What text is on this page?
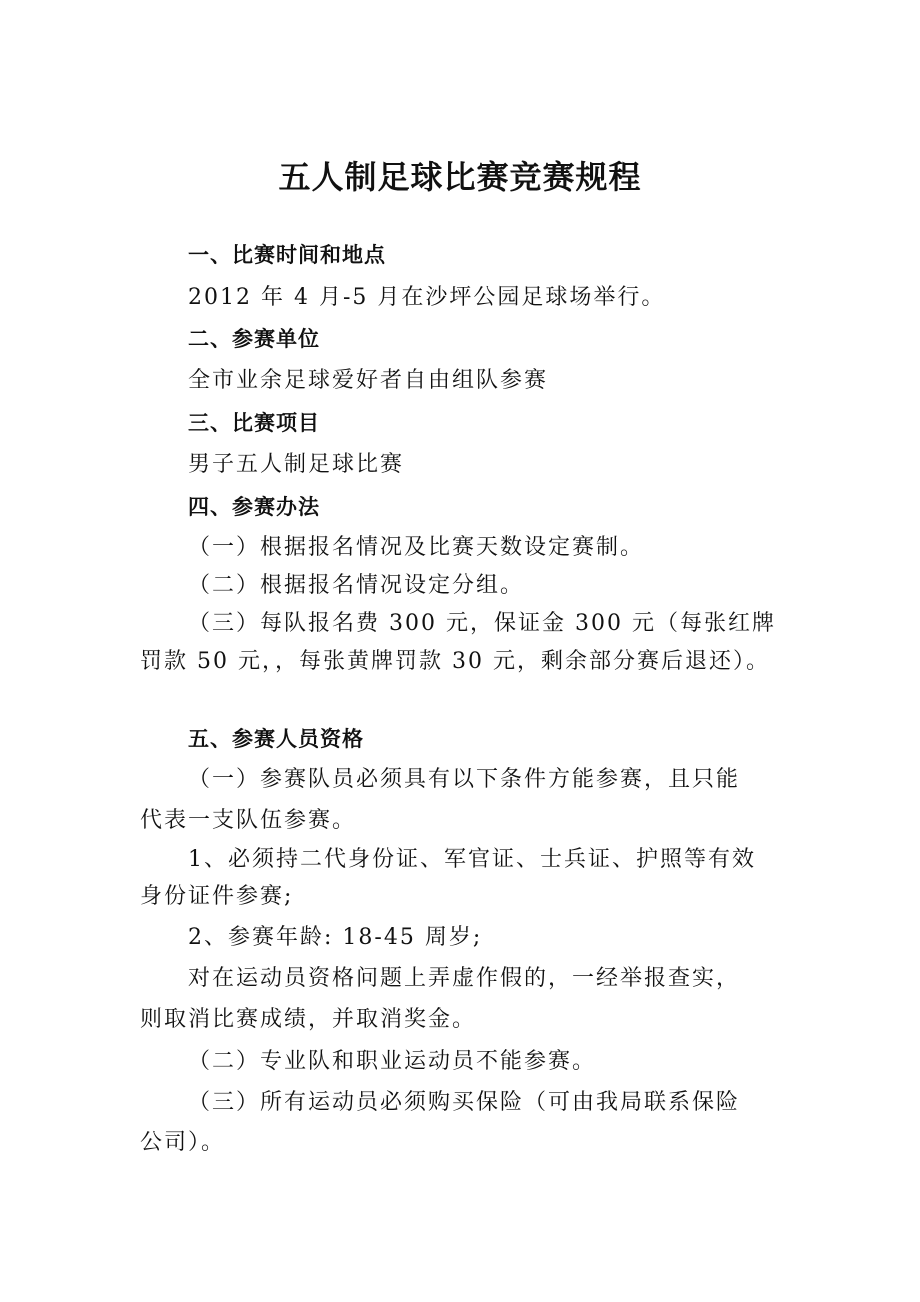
五人制足球比赛竞赛规程
一、比赛时间和地点
2012 年 4 月-5 月在沙坪公园足球场举行。
二、参赛单位
全市业余足球爱好者自由组队参赛
三、比赛项目
男子五人制足球比赛
四、参赛办法
（一）根据报名情况及比赛天数设定赛制。
（二）根据报名情况设定分组。
（三）每队报名费 300 元，保证金 300 元（每张红牌
罚款 50 元，，每张黄牌罚款 30 元，剩余部分赛后退还）。
五、参赛人员资格
（一）参赛队员必须具有以下条件方能参赛，且只能
代表一支队伍参赛。
1、必须持二代身份证、军官证、士兵证、护照等有效
身份证件参赛;
2、参赛年龄: 18-45 周岁;
对在运动员资格问题上弄虚作假的，一经举报查实，
则取消比赛成绩，并取消奖金。
（二）专业队和职业运动员不能参赛。
（三）所有运动员必须购买保险（可由我局联系保险
公司）。
